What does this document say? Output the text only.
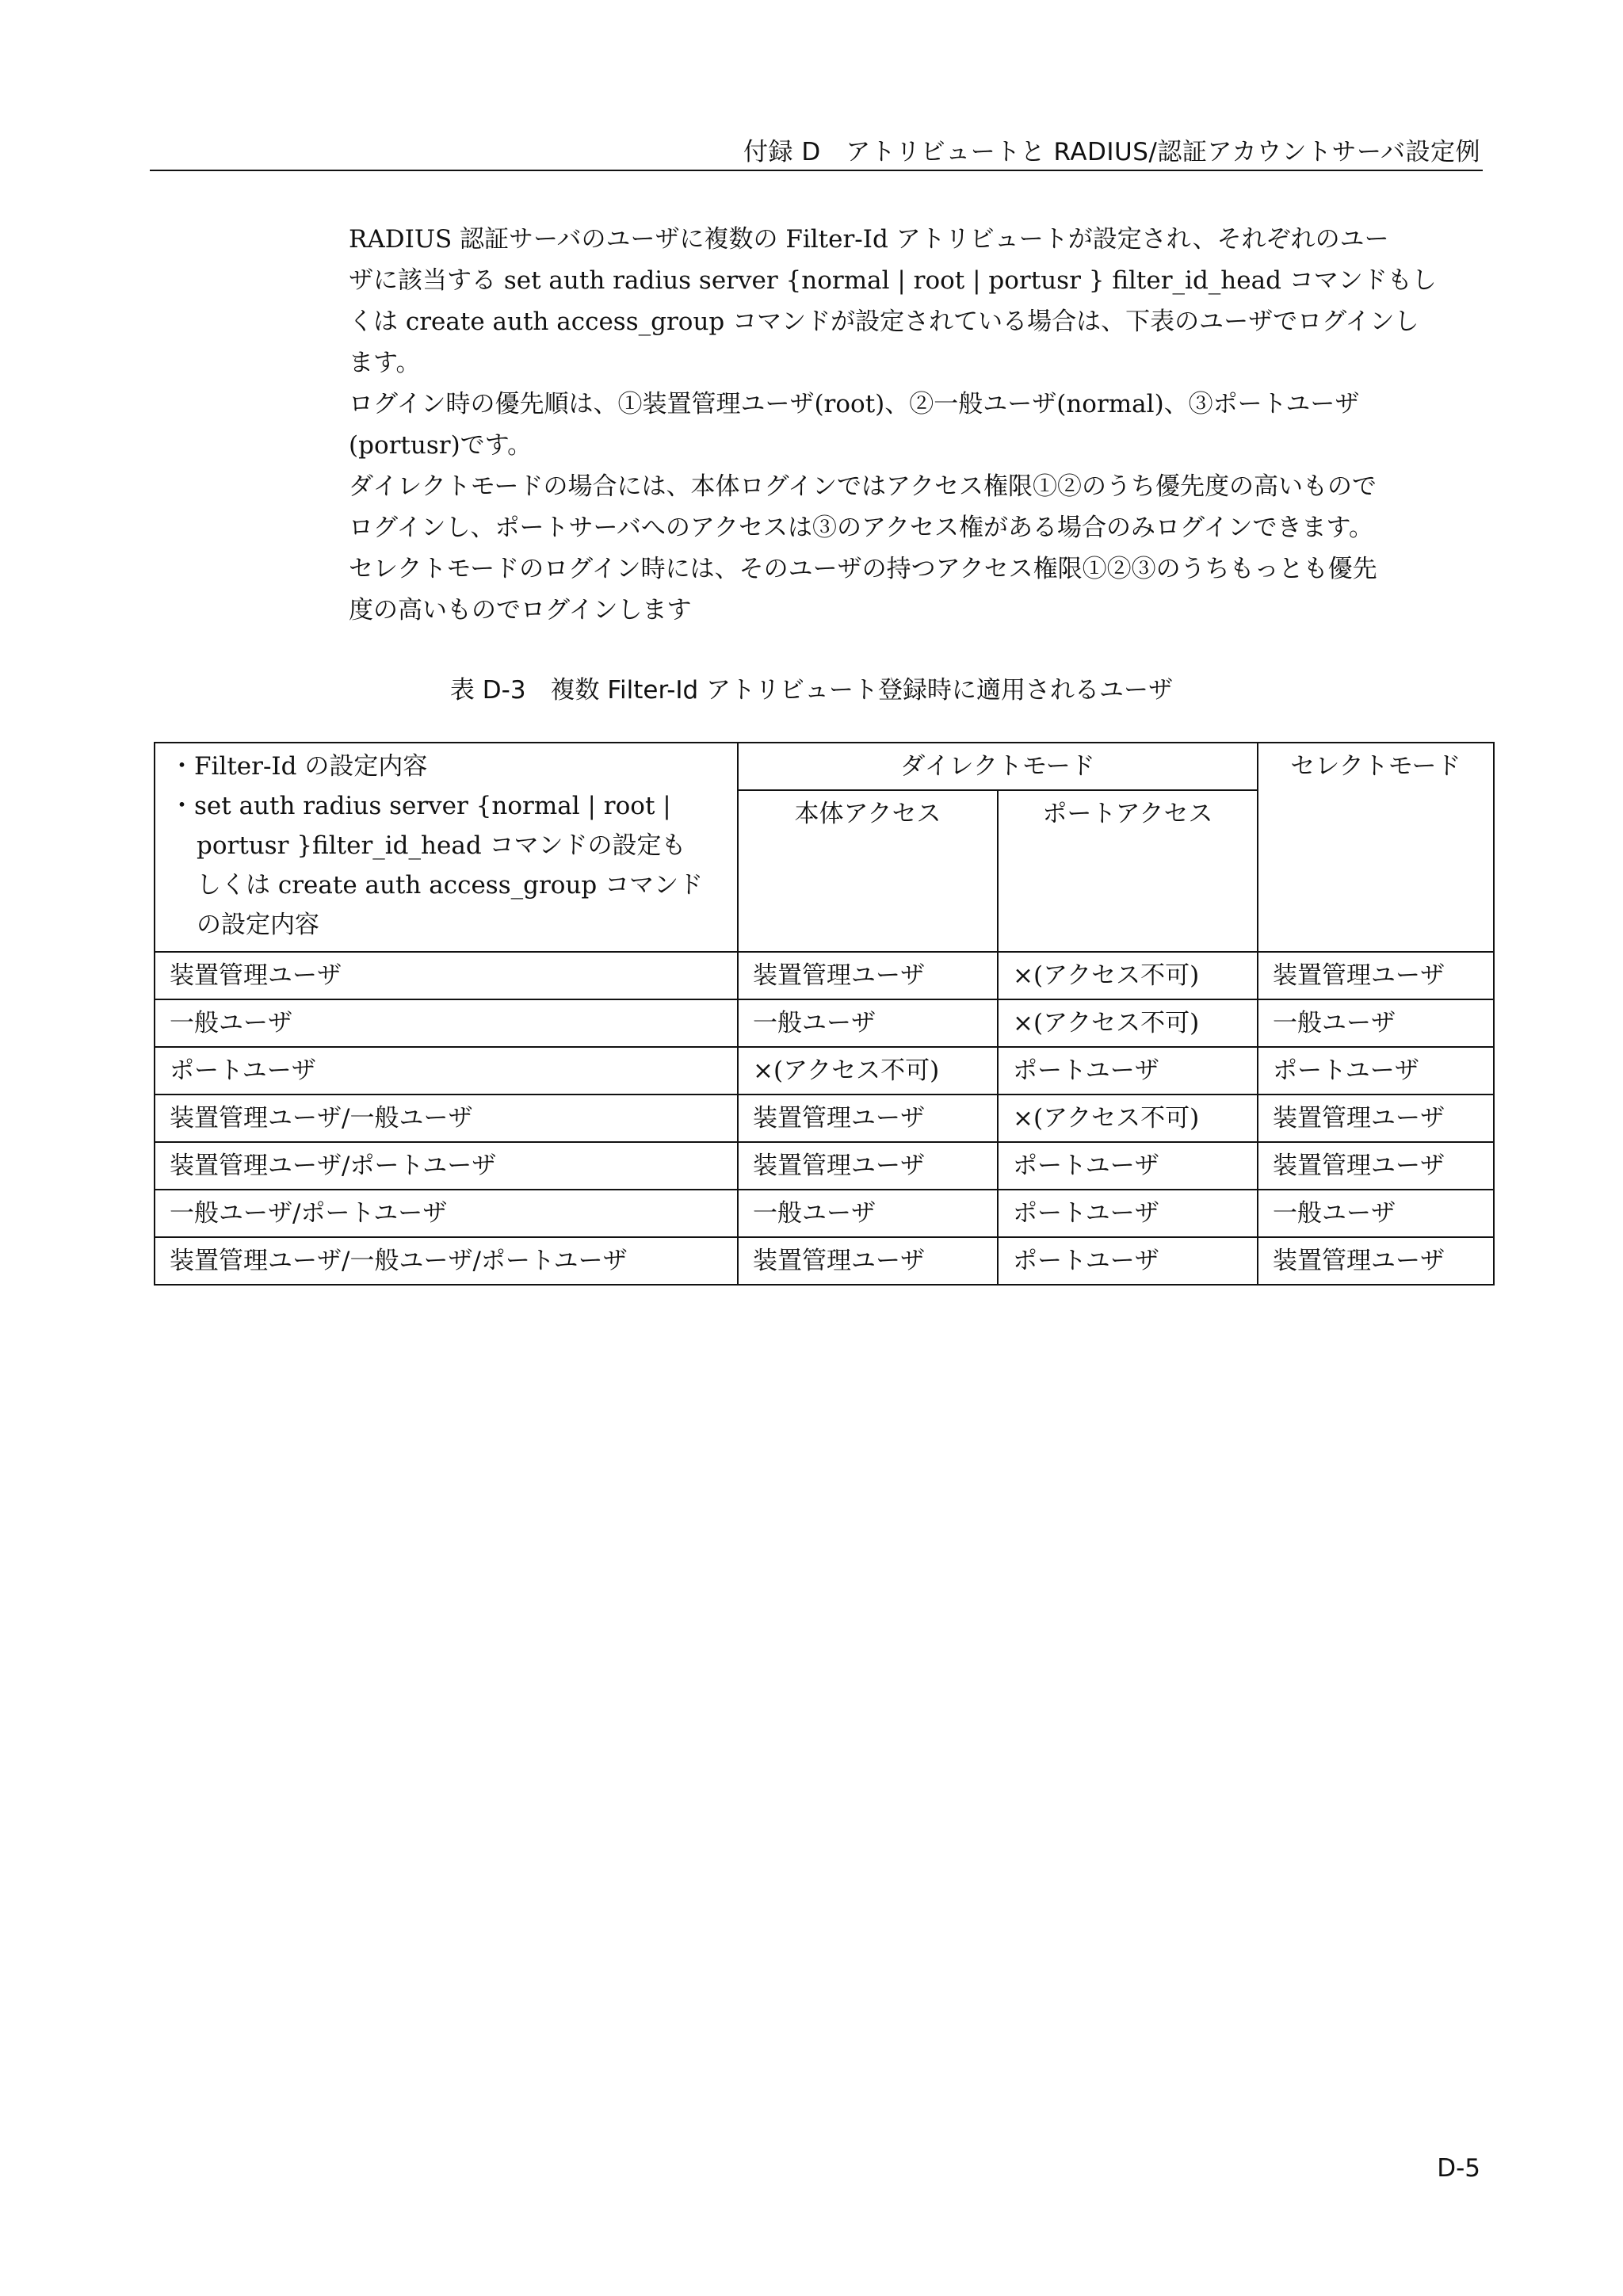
付録 D　アトリビュートと RADIUS/認証アカウントサーバ設定例
RADIUS 認証サーバのユーザに複数の Filter-Id アトリビュートが設定され、それぞれのユー
ザに該当する set auth radius server {normal | root | portusr } filter_id_head コマンドもし
くは create auth access_group コマンドが設定されている場合は、下表のユーザでログインし
ます。
ログイン時の優先順は、①装置管理ユーザ(root)、②一般ユーザ(normal)、③ポートユーザ
(portusr)です。
ダイレクトモードの場合には、本体ログインではアクセス権限①②のうち優先度の高いもので
ログインし、ポートサーバへのアクセスは③のアクセス権がある場合のみログインできます。
セレクトモードのログイン時には、そのユーザの持つアクセス権限①②③のうちもっとも優先
度の高いものでログインします
表 D-3　複数 Filter-Id アトリビュート登録時に適用されるユーザ
・Filter-Id の設定内容
・set auth radius server {normal | root |
portusr }filter_id_head コマンドの設定も
しくは create auth access_group コマンド
の設定内容	ダイレクトモード		セレクトモード
	本体アクセス	ポートアクセス	
装置管理ユーザ	装置管理ユーザ	×(アクセス不可)	装置管理ユーザ
一般ユーザ	一般ユーザ	×(アクセス不可)	一般ユーザ
ポートユーザ	×(アクセス不可)	ポートユーザ	ポートユーザ
装置管理ユーザ/一般ユーザ	装置管理ユーザ	×(アクセス不可)	装置管理ユーザ
装置管理ユーザ/ポートユーザ	装置管理ユーザ	ポートユーザ	装置管理ユーザ
一般ユーザ/ポートユーザ	一般ユーザ	ポートユーザ	一般ユーザ
装置管理ユーザ/一般ユーザ/ポートユーザ	装置管理ユーザ	ポートユーザ	装置管理ユーザ
D-5
